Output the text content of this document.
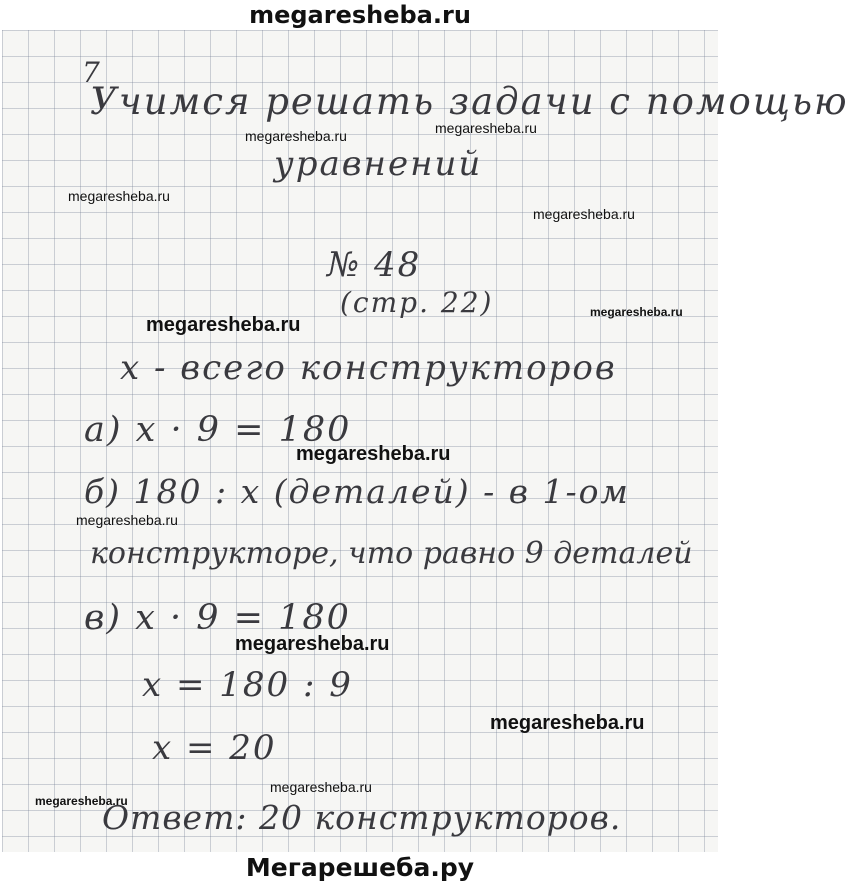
megaresheba.ru
7
Учимся решать задачи с помощью
уравнений
№ 48
(стр. 22)
x - всего конструкторов
а) x · 9 = 180
б) 180 : x (деталей) - в 1-ом
конструкторе, что равно 9 деталей
в) x · 9 = 180
x = 180 : 9
x = 20
Ответ: 20 конструкторов.
megaresheba.ru	megaresheba.ru
megaresheba.ru
megaresheba.ru
megaresheba.ru
megaresheba.ru
megaresheba.ru
megaresheba.ru
megaresheba.ru
megaresheba.ru
megaresheba.ru
megaresheba.ru
Мегарешеба.ру
